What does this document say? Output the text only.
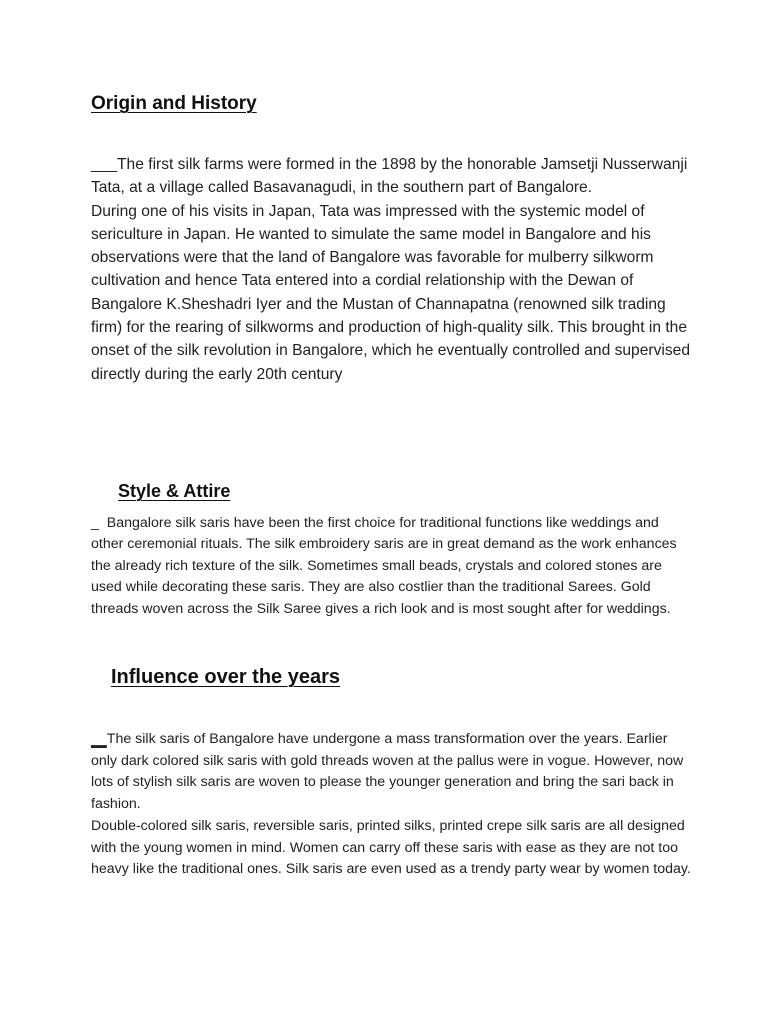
Origin and History

___The first silk farms were formed in the 1898 by the honorable Jamsetji Nusserwanji Tata, at a village called Basavanagudi, in the southern part of Bangalore.

During one of his visits in Japan, Tata was impressed with the systemic model of sericulture in Japan. He wanted to simulate the same model in Bangalore and his observations were that the land of Bangalore was favorable for mulberry silkworm cultivation and hence Tata entered into a cordial relationship with the Dewan of Bangalore K.Sheshadri Iyer and the Mustan of Channapatna (renowned silk trading firm) for the rearing of silkworms and production of high-quality silk. This brought in the onset of the silk revolution in Bangalore, which he eventually controlled and supervised directly during the early 20th century

Style & Attire

_ Bangalore silk saris have been the first choice for traditional functions like weddings and other ceremonial rituals. The silk embroidery saris are in great demand as the work enhances the already rich texture of the silk. Sometimes small beads, crystals and colored stones are used while decorating these saris. They are also costlier than the traditional Sarees. Gold threads woven across the Silk Saree gives a rich look and is most sought after for weddings.

Influence over the years

__The silk saris of Bangalore have undergone a mass transformation over the years. Earlier only dark colored silk saris with gold threads woven at the pallus were in vogue. However, now lots of stylish silk saris are woven to please the younger generation and bring the sari back in fashion.

Double-colored silk saris, reversible saris, printed silks, printed crepe silk saris are all designed with the young women in mind. Women can carry off these saris with ease as they are not too heavy like the traditional ones. Silk saris are even used as a trendy party wear by women today.
